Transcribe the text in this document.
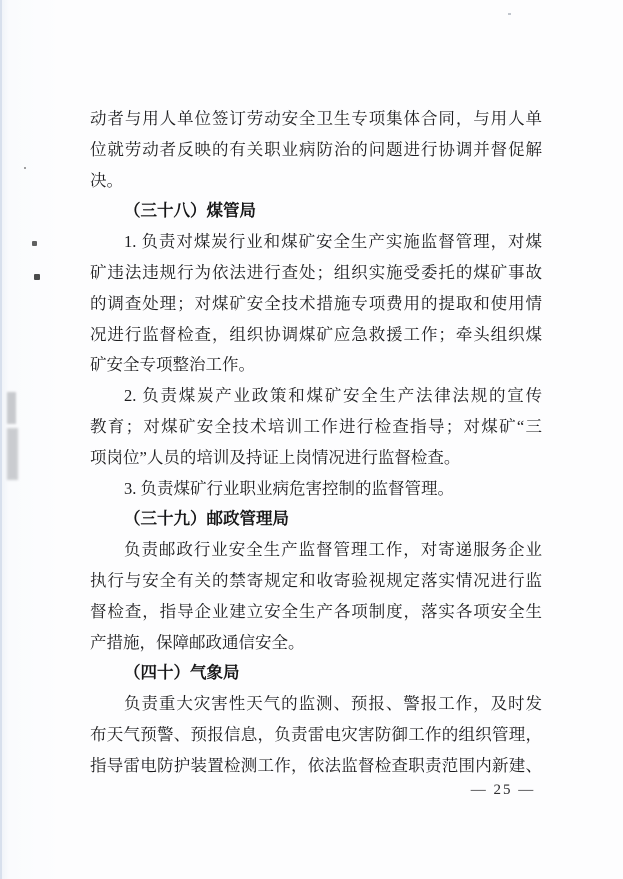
动者与用人单位签订劳动安全卫生专项集体合同，与用人单
位就劳动者反映的有关职业病防治的问题进行协调并督促解
决。
（三十八）煤管局
1. 负责对煤炭行业和煤矿安全生产实施监督管理，对煤
矿违法违规行为依法进行查处；组织实施受委托的煤矿事故
的调查处理；对煤矿安全技术措施专项费用的提取和使用情
况进行监督检查，组织协调煤矿应急救援工作；牵头组织煤
矿安全专项整治工作。
2. 负责煤炭产业政策和煤矿安全生产法律法规的宣传
教育；对煤矿安全技术培训工作进行检查指导；对煤矿“三
项岗位”人员的培训及持证上岗情况进行监督检查。
3. 负责煤矿行业职业病危害控制的监督管理。
（三十九）邮政管理局
负责邮政行业安全生产监督管理工作，对寄递服务企业
执行与安全有关的禁寄规定和收寄验视规定落实情况进行监
督检查，指导企业建立安全生产各项制度，落实各项安全生
产措施，保障邮政通信安全。
（四十）气象局
负责重大灾害性天气的监测、预报、警报工作，及时发
布天气预警、预报信息，负责雷电灾害防御工作的组织管理，
指导雷电防护装置检测工作，依法监督检查职责范围内新建、
— 25 —
